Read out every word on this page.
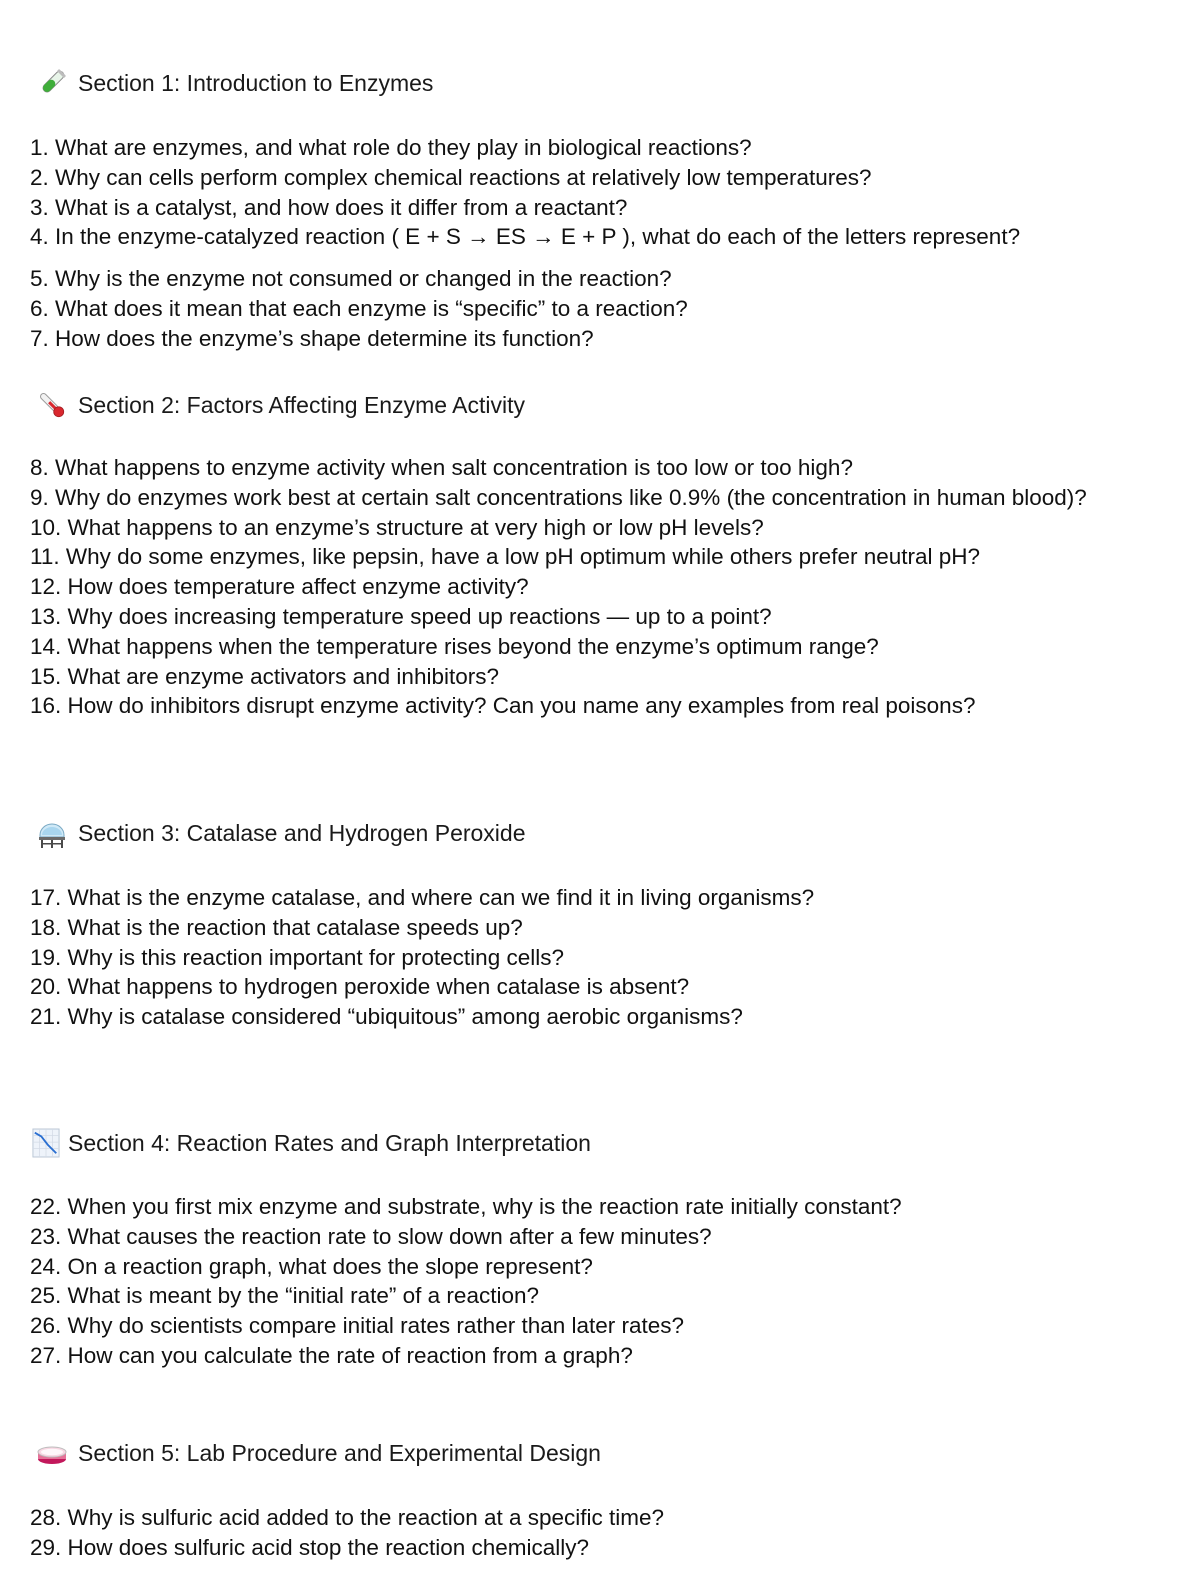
Section 1: Introduction to Enzymes
1. What are enzymes, and what role do they play in biological reactions?
2. Why can cells perform complex chemical reactions at relatively low temperatures?
3. What is a catalyst, and how does it differ from a reactant?
4. In the enzyme-catalyzed reaction ( E + S → ES → E + P ), what do each of the letters represent?
5. Why is the enzyme not consumed or changed in the reaction?
6. What does it mean that each enzyme is “specific” to a reaction?
7. How does the enzyme’s shape determine its function?
Section 2: Factors Affecting Enzyme Activity
8. What happens to enzyme activity when salt concentration is too low or too high?
9. Why do enzymes work best at certain salt concentrations like 0.9% (the concentration in human blood)?
10. What happens to an enzyme’s structure at very high or low pH levels?
11. Why do some enzymes, like pepsin, have a low pH optimum while others prefer neutral pH?
12. How does temperature affect enzyme activity?
13. Why does increasing temperature speed up reactions — up to a point?
14. What happens when the temperature rises beyond the enzyme’s optimum range?
15. What are enzyme activators and inhibitors?
16. How do inhibitors disrupt enzyme activity? Can you name any examples from real poisons?
Section 3: Catalase and Hydrogen Peroxide
17. What is the enzyme catalase, and where can we find it in living organisms?
18. What is the reaction that catalase speeds up?
19. Why is this reaction important for protecting cells?
20. What happens to hydrogen peroxide when catalase is absent?
21. Why is catalase considered “ubiquitous” among aerobic organisms?
Section 4: Reaction Rates and Graph Interpretation
22. When you first mix enzyme and substrate, why is the reaction rate initially constant?
23. What causes the reaction rate to slow down after a few minutes?
24. On a reaction graph, what does the slope represent?
25. What is meant by the “initial rate” of a reaction?
26. Why do scientists compare initial rates rather than later rates?
27. How can you calculate the rate of reaction from a graph?
Section 5: Lab Procedure and Experimental Design
28. Why is sulfuric acid added to the reaction at a specific time?
29. How does sulfuric acid stop the reaction chemically?
